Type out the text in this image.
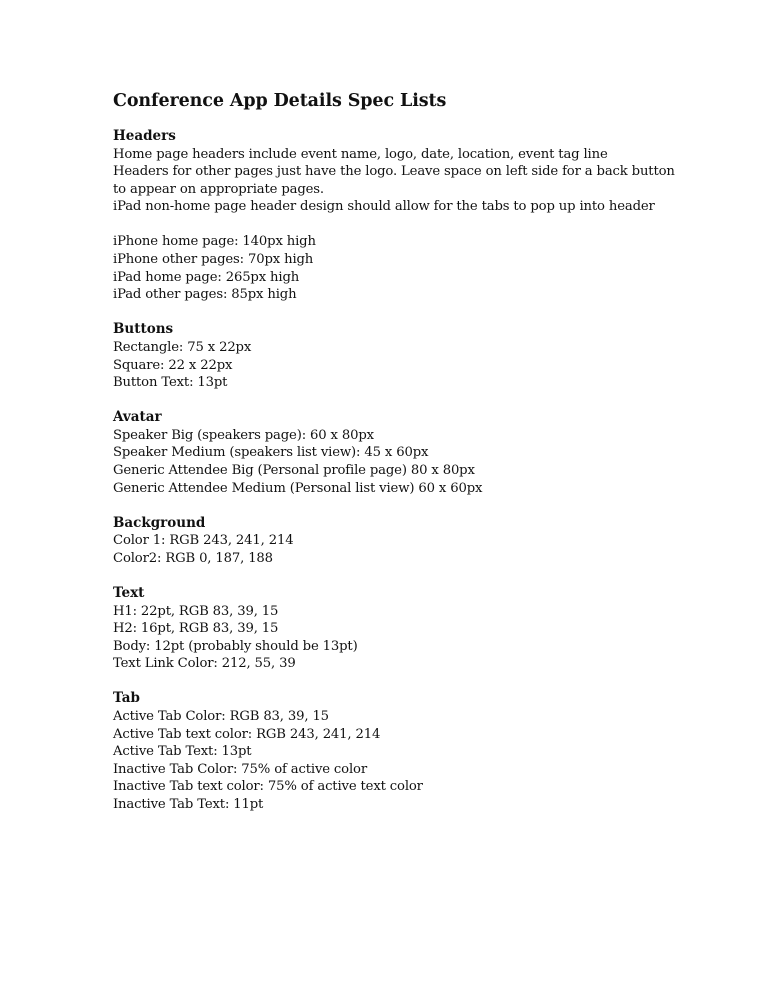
Conference App Details Spec Lists
Headers
Home page headers include event name, logo, date, location, event tag line
Headers for other pages just have the logo. Leave space on left side for a back button
to appear on appropriate pages.
iPad non-home page header design should allow for the tabs to pop up into header
iPhone home page: 140px high
iPhone other pages: 70px high
iPad home page: 265px high
iPad other pages: 85px high
Buttons
Rectangle: 75 x 22px
Square: 22 x 22px
Button Text: 13pt
Avatar
Speaker Big (speakers page): 60 x 80px
Speaker Medium (speakers list view): 45 x 60px
Generic Attendee Big (Personal profile page) 80 x 80px
Generic Attendee Medium (Personal list view) 60 x 60px
Background
Color 1: RGB 243, 241, 214
Color2: RGB 0, 187, 188
Text
H1: 22pt, RGB 83, 39, 15
H2: 16pt, RGB 83, 39, 15
Body: 12pt (probably should be 13pt)
Text Link Color: 212, 55, 39
Tab
Active Tab Color: RGB 83, 39, 15
Active Tab text color: RGB 243, 241, 214
Active Tab Text: 13pt
Inactive Tab Color: 75% of active color
Inactive Tab text color: 75% of active text color
Inactive Tab Text: 11pt
